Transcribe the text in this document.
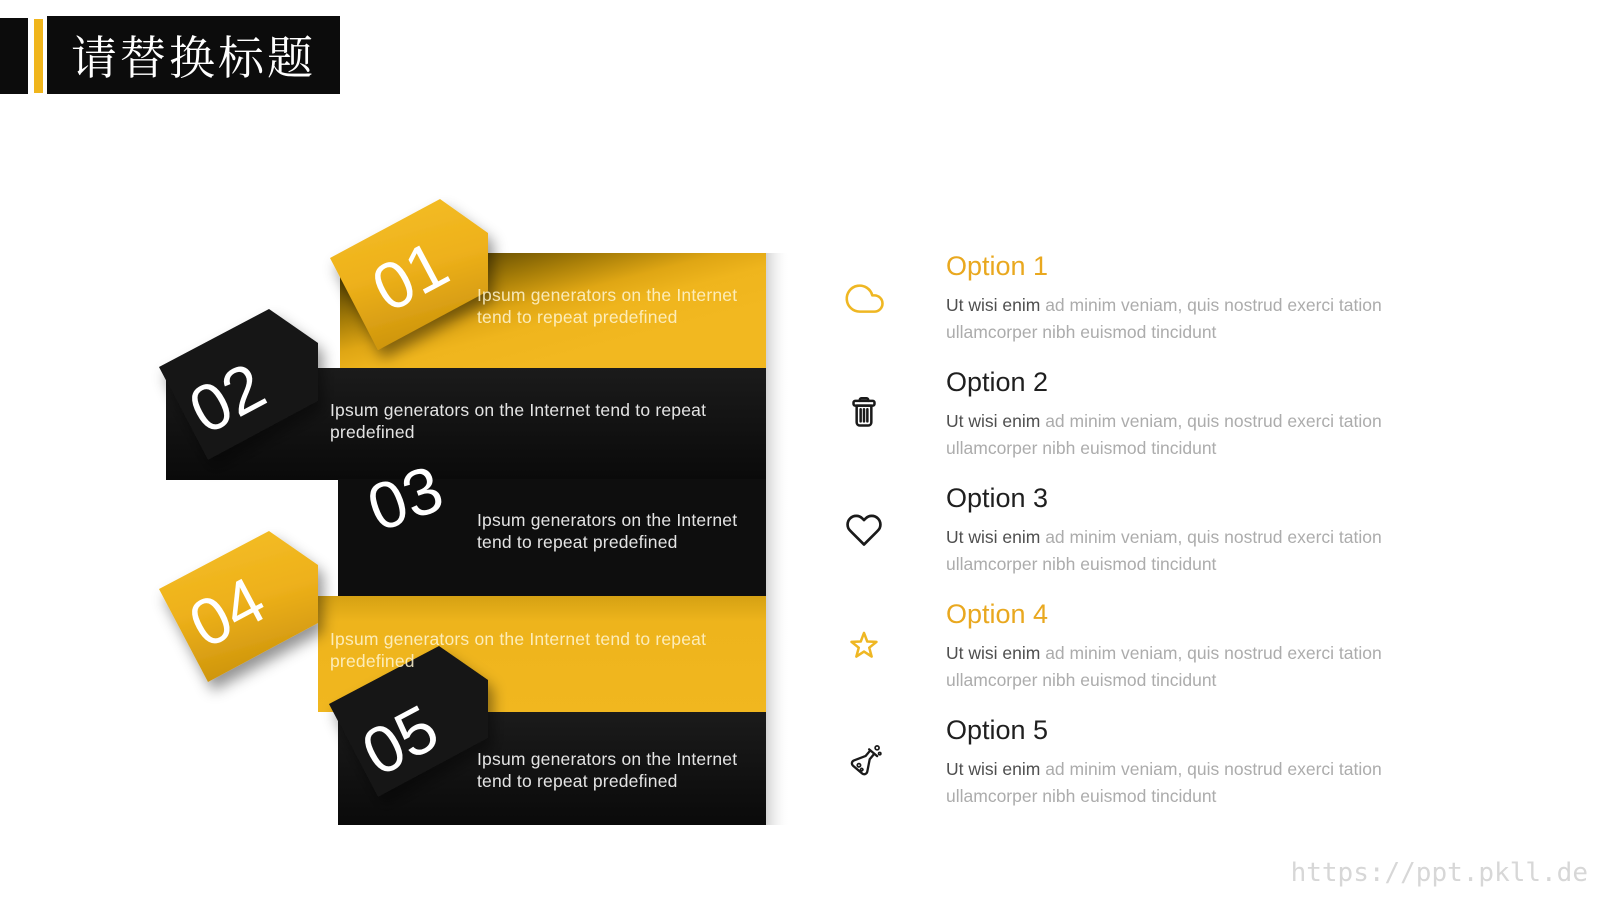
请替换标题
01
02
03
04
05
Ipsum generators on the Internet
tend to repeat predefined
Ipsum generators on the Internet tend to repeat
predefined
Ipsum generators on the Internet
tend to repeat predefined
Ipsum generators on the Internet tend to repeat
predefined
Ipsum generators on the Internet
tend to repeat predefined
Option 1
Ut wisi enim ad minim veniam, quis nostrud exerci tation
ullamcorper nibh euismod tincidunt
Option 2
Ut wisi enim ad minim veniam, quis nostrud exerci tation
ullamcorper nibh euismod tincidunt
Option 3
Ut wisi enim ad minim veniam, quis nostrud exerci tation
ullamcorper nibh euismod tincidunt
Option 4
Ut wisi enim ad minim veniam, quis nostrud exerci tation
ullamcorper nibh euismod tincidunt
Option 5
Ut wisi enim ad minim veniam, quis nostrud exerci tation
ullamcorper nibh euismod tincidunt
https://ppt.pkll.de
